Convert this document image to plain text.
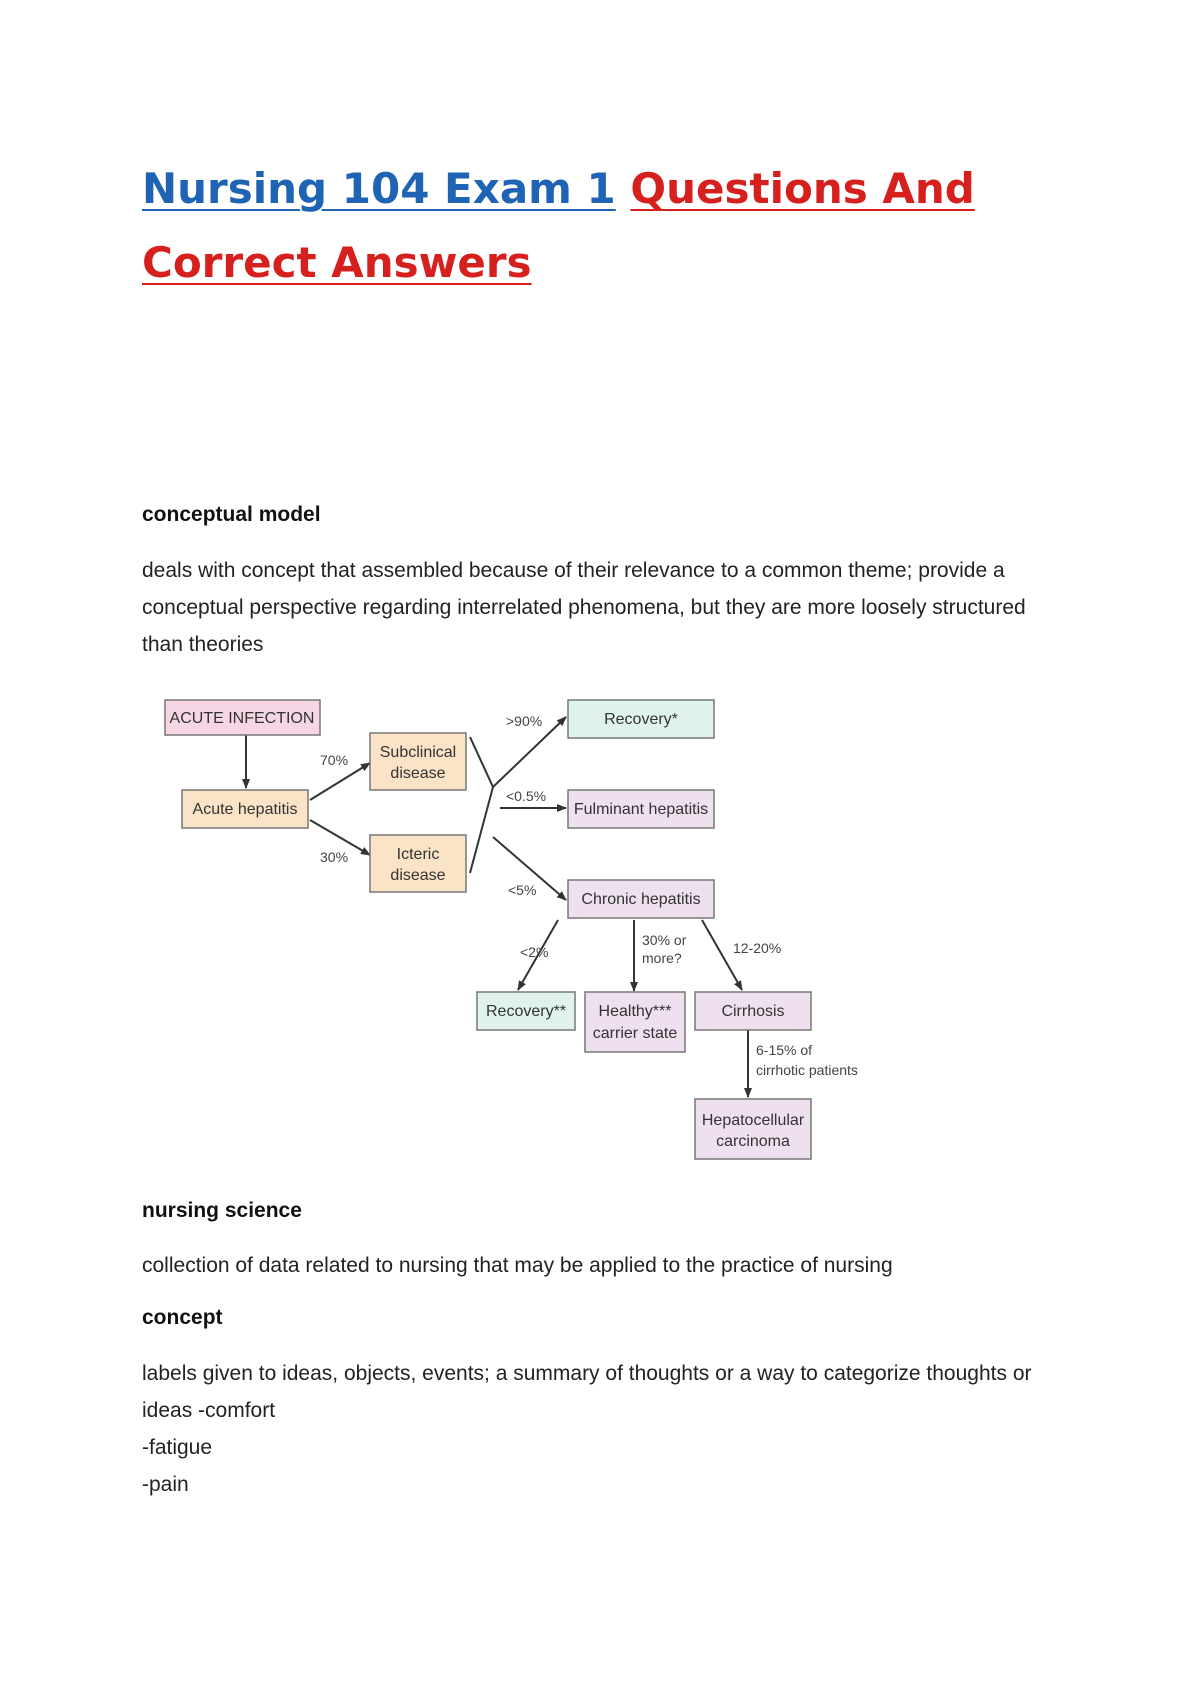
Nursing 104 Exam 1 Questions And Correct Answers

conceptual model

deals with concept that assembled because of their relevance to a common theme; provide a
conceptual perspective regarding interrelated phenomena, but they are more loosely structured
than theories

ACUTE INFECTION
Acute hepatitis
Subclinical
disease
Icteric
disease
Recovery*
Fulminant hepatitis
Chronic hepatitis
Recovery** Healthy***
carrier state
Cirrhosis
Hepatocellular
carcinoma
70%
30%
>90%
<0.5%
<5%
<2%
30% or
more?
12-20%
6-15% of
cirrhotic patients

nursing science

collection of data related to nursing that may be applied to the practice of nursing

concept

labels given to ideas, objects, events; a summary of thoughts or a way to categorize thoughts or
ideas -comfort
-fatigue
-pain
